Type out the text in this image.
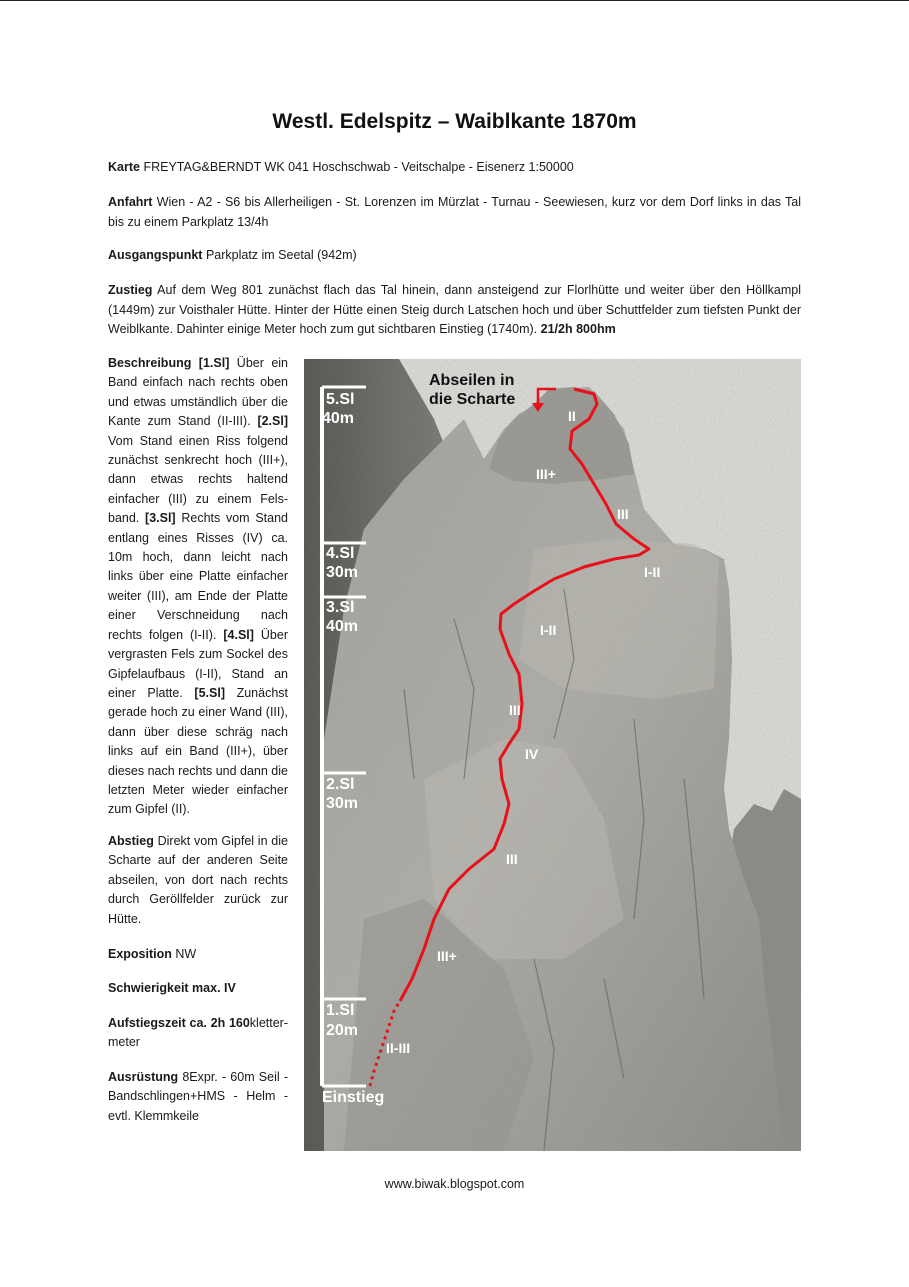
Westl. Edelspitz – Waiblkante 1870m
Karte FREYTAG&BERNDT WK 041 Hoschschwab - Veitschalpe - Eisenerz 1:50000
Anfahrt Wien - A2 - S6 bis Allerheiligen - St. Lorenzen im Mürzlat - Turnau - Seewiesen, kurz vor dem Dorf links in das Tal bis zu einem Parkplatz 13/4h
Ausgangspunkt Parkplatz im Seetal (942m)
Zustieg Auf dem Weg 801 zunächst flach das Tal hinein, dann ansteigend zur Florlhütte und weiter über den Höllkampl (1449m) zur Voisthaler Hütte. Hinter der Hütte einen Steig durch Latschen hoch und über Schuttfelder zum tiefsten Punkt der Weiblkante. Dahinter einige Meter hoch zum gut sichtbaren Einstieg (1740m). 21/2h 800hm
Beschreibung [1.Sl] Über ein Band einfach nach rechts oben und etwas umständlich über die Kante zum Stand (II-III). [2.Sl] Vom Stand einen Riss folgend zunächst senkrecht hoch (III+), dann etwas rechts haltend einfacher (III) zu einem Fels-band. [3.Sl] Rechts vom Stand entlang eines Risses (IV) ca. 10m hoch, dann leicht nach links über eine Platte einfacher weiter (III), am Ende der Platte einer Verschneidung nach rechts folgen (I-II). [4.Sl] Über vergrasten Fels zum Sockel des Gipfelaufbaus (I-II), Stand an einer Platte. [5.Sl] Zunächst gerade hoch zu einer Wand (III), dann über diese schräg nach links auf ein Band (III+), über dieses nach rechts und dann die letzten Meter wieder einfacher zum Gipfel (II).
Abstieg Direkt vom Gipfel in die Scharte auf der anderen Seite abseilen, von dort nach rechts durch Geröllfelder zurück zur Hütte.
Exposition NW
Schwierigkeit max. IV
Aufstiegszeit ca. 2h 160kletter-meter
Ausrüstung 8Expr. - 60m Seil - Bandschlingen+HMS - Helm - evtl. Klemmkeile
5.Sl
40m
4.Sl
30m
3.Sl
40m
2.Sl
30m
1.Sl
20m
Einstieg
Abseilen in
die Scharte
II
III+
III
I-II
I-II
III
IV
III
III+
II-III
www.biwak.blogspot.com
